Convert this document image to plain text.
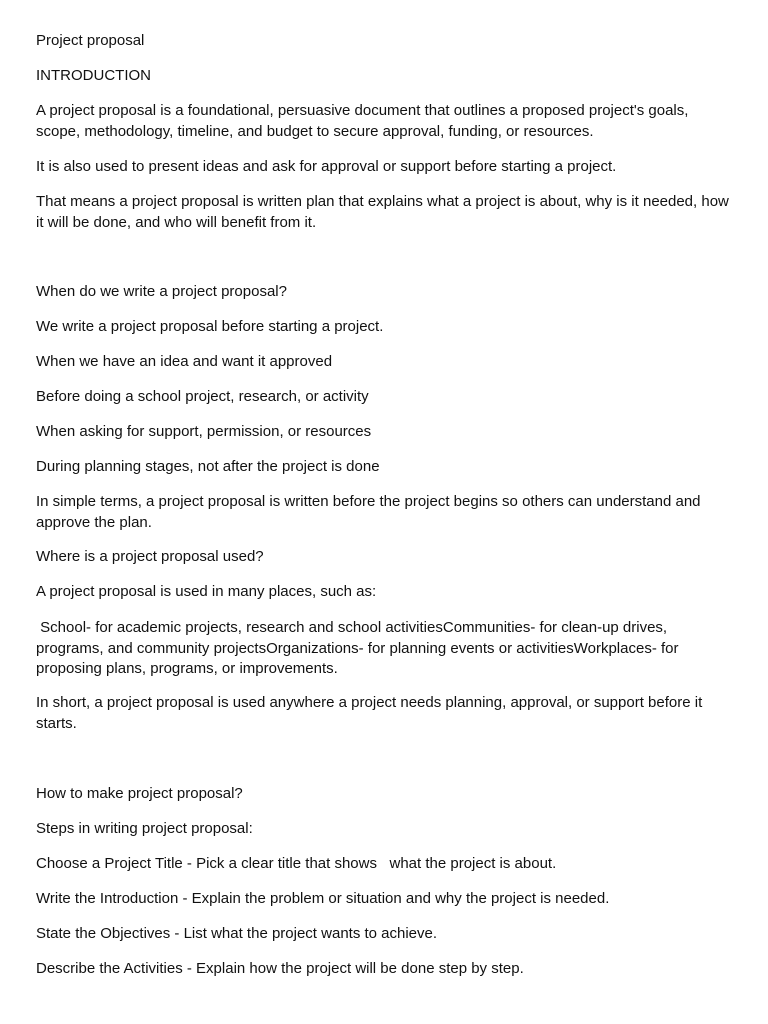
Project proposal

INTRODUCTION

A project proposal is a foundational, persuasive document that outlines a proposed project's goals, scope, methodology, timeline, and budget to secure approval, funding, or resources.

It is also used to present ideas and ask for approval or support before starting a project.

That means a project proposal is written plan that explains what a project is about, why is it needed, how it will be done, and who will benefit from it.

When do we write a project proposal?

We write a project proposal before starting a project.

When we have an idea and want it approved

Before doing a school project, research, or activity

When asking for support, permission, or resources

During planning stages, not after the project is done

In simple terms, a project proposal is written before the project begins so others can understand and approve the plan.

Where is a project proposal used?

A project proposal is used in many places, such as:

School- for academic projects, research and school activitiesCommunities- for clean-up drives, programs, and community projectsOrganizations- for planning events or activitiesWorkplaces- for proposing plans, programs, or improvements.

In short, a project proposal is used anywhere a project needs planning, approval, or support before it starts.

How to make project proposal?

Steps in writing project proposal:

Choose a Project Title - Pick a clear title that shows   what the project is about.

Write the Introduction - Explain the problem or situation and why the project is needed.

State the Objectives - List what the project wants to achieve.

Describe the Activities - Explain how the project will be done step by step.
